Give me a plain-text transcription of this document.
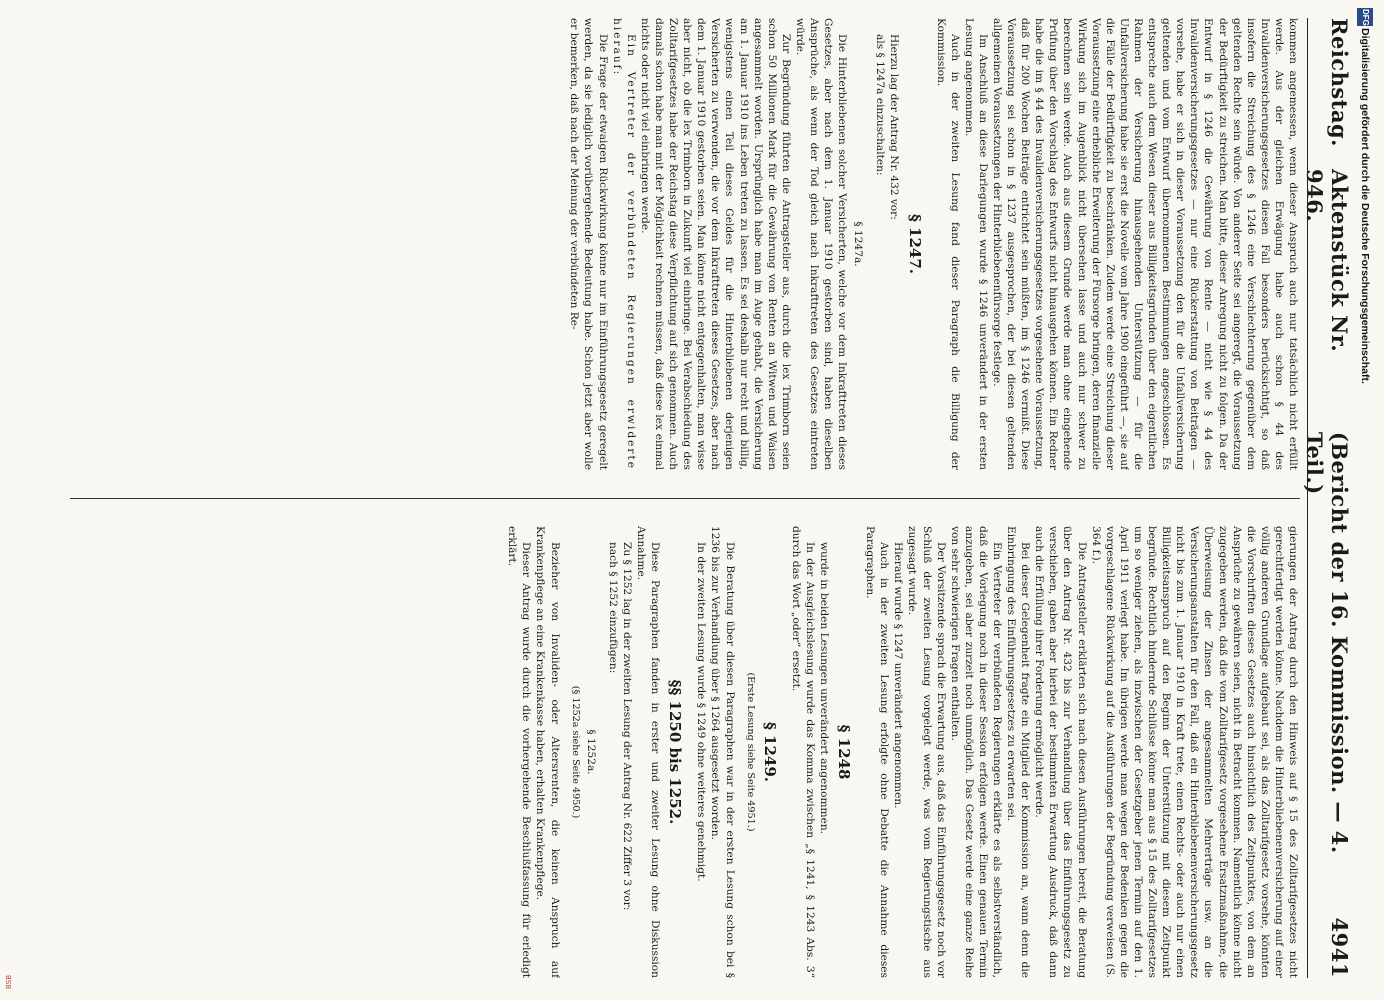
Reichstag.
Aktenstück Nr. 946.
(Bericht der 16. Kommission. — 4. Teil.)
4941

kommen angemessen, wenn dieser Anspruch auch nur tatsächlich nicht erfüllt werde. Aus der gleichen Erwägung habe auch schon § 44 des Invalidenversicherungsgesetzes diesen Fall besonders berücksichtigt, so daß insofern die Streichung des § 1246 eine Verschlechterung gegenüber dem geltenden Rechte sein würde. Von anderer Seite sei angeregt, die Voraussetzung der Bedürftigkeit zu streichen. Man bitte, dieser Anregung nicht zu folgen. Da der Entwurf in § 1246 die Gewährung von Rente — nicht wie § 44 des Invalidenversicherungsgesetzes — nur eine Rückerstattung von Beiträgen — vorsehe, habe er sich in dieser Voraussetzung den für die Unfallversicherung geltenden und vom Entwurf übernommenen Bestimmungen angeschlossen. Es entspreche auch dem Wesen dieser aus Billigkeitsgründen über den eigentlichen Rahmen der Versicherung hinausgehenden Unterstützung — für die Unfallversicherung habe sie erst die Novelle vom Jahre 1900 eingeführt —, sie auf die Fälle der Bedürftigkeit zu beschränken. Zudem werde eine Streichung dieser Voraussetzung eine erhebliche Erweiterung der Fürsorge bringen, deren finanzielle Wirkung sich im Augenblick nicht übersehen lasse und auch nur schwer zu berechnen sein werde. Auch aus diesem Grunde werde man ohne eingehende Prüfung über den Vorschlag des Entwurfs nicht hinausgehen können. Ein Redner habe die im § 44 des Invalidenversicherungsgesetzes vorgesehene Voraussetzung, daß für 200 Wochen Beiträge entrichtet sein müßten, im § 1246 vermißt. Diese Voraussetzung sei schon in § 1237 ausgesprochen, der bei diesen geltenden allgemeinen Voraussetzungen der Hinterbliebenenfürsorge festlege.

Im Anschluß an diese Darlegungen wurde § 1246 unverändert in der ersten Lesung angenommen.

Auch in der zweiten Lesung fand dieser Paragraph die Billigung der Kommission.

§ 1247.

Hierzu lag der Antrag Nr. 432 vor:

als § 1247a einzuschalten:

§ 1247a.

Die Hinterbliebenen solcher Versicherten, welche vor dem Inkrafttreten dieses Gesetzes, aber nach dem 1. Januar 1910 gestorben sind, haben dieselben Ansprüche, als wenn der Tod gleich nach Inkrafttreten des Gesetzes eintreten würde.

Zur Begründung führten die Antragsteller aus, durch die lex Trimborn seien schon 50 Millionen Mark für die Gewährung von Renten an Witwen und Waisen angesammelt worden. Ursprünglich habe man im Auge gehabt, die Versicherung am 1. Januar 1910 ins Leben treten zu lassen. Es sei deshalb nur recht und billig, wenigstens einen Teil dieses Geldes für die Hinterbliebenen derjenigen Versicherten zu verwenden, die vor dem Inkrafttreten dieses Gesetzes, aber nach dem 1. Januar 1910 gestorben seien. Man könne nicht entgegenhalten, man wisse aber nicht, ob die lex Trimborn in Zukunft viel einbringe. Bei Verabschiedung des Zolltarifgesetzes habe der Reichstag diese Verpflichtung auf sich genommen. Auch damals schon habe man mit der Möglichkeit rechnen müssen, daß diese lex einmal nichts oder nicht viel einbringen werde.

Ein Vertreter der verbündeten Regierungen erwiderte hierauf:

Die Frage der etwaigen Rückwirkung könne nur im Einführungsgesetz geregelt werden, da sie lediglich vorübergehende Bedeutung habe. Schon jetzt aber wolle er bemerken, daß nach der Meinung der verbündeten Re-

gierungen der Antrag durch den Hinweis auf § 15 des Zolltarifgesetzes nicht gerechtfertigt werden könne. Nachdem die Hinterbliebenenversicherung auf einer völlig anderen Grundlage aufgebaut sei, als das Zolltarifgesetz vorsehe, könnten die Vorschriften dieses Gesetzes auch hinsichtlich des Zeitpunktes, von dem an Ansprüche zu gewähren seien, nicht in Betracht kommen. Namentlich könne nicht zugegeben werden, daß die vom Zolltarifgesetz vorgesehene Ersatzmaßnahme, die Überweisung der Zinsen der angesammelten Mehrerträge usw. an die Versicherungsanstalten für den Fall, daß ein Hinterbliebenenversicherungsgesetz nicht bis zum 1. Januar 1910 in Kraft trete, einen Rechts- oder auch nur einen Billigkeitsanspruch auf den Beginn der Unterstützung mit diesem Zeitpunkt begründe. Rechtlich hindernde Schlüsse könne man aus § 15 des Zolltarifgesetzes um so weniger ziehen, als inzwischen der Gesetzgeber jenen Termin auf den 1. April 1911 verlegt habe. Im übrigen werde man wegen der Bedenken gegen die vorgeschlagene Rückwirkung auf die Ausführungen der Begründung verweisen (S. 364 f.).

Die Antragsteller erklärten sich nach diesen Ausführungen bereit, die Beratung über den Antrag Nr. 432 bis zur Verhandlung über das Einführungsgesetz zu verschieben, gaben aber hierbei der bestimmten Erwartung Ausdruck, daß dann auch die Erfüllung ihrer Forderung ermöglicht werde.

Bei dieser Gelegenheit fragte ein Mitglied der Kommission an, wann denn die Einbringung des Einführungsgesetzes zu erwarten sei.

Ein Vertreter der verbündeten Regierungen erklärte es als selbstverständlich, daß die Vorlegung noch in dieser Session erfolgen werde. Einen genauen Termin anzugeben, sei aber zurzeit noch unmöglich. Das Gesetz werde eine ganze Reihe von sehr schwierigen Fragen enthalten.

Der Vorsitzende sprach die Erwartung aus, daß das Einführungsgesetz noch vor Schluß der zweiten Lesung vorgelegt werde, was vom Regierungstische aus zugesagt wurde.

Hierauf wurde § 1247 unverändert angenommen.

Auch in der zweiten Lesung erfolgte ohne Debatte die Annahme dieses Paragraphen.

§ 1248

wurde in beiden Lesungen unverändert angenommen.

In der Ausgleichslesung wurde das Komma zwischen „§ 1241, § 1243 Abs. 3“ durch das Wort „oder“ ersetzt.

§ 1249.
(Erste Lesung siehe Seite 4951.)

Die Beratung über diesen Paragraphen war in der ersten Lesung schon bei § 1236 bis zur Verhandlung über § 1264 ausgesetzt worden.

In der zweiten Lesung wurde § 1249 ohne weiteres genehmigt.

§§ 1250 bis 1252.

Diese Paragraphen fanden in erster und zweiter Lesung ohne Diskussion Annahme.

Zu § 1252 lag in der zweiten Lesung der Antrag Nr. 622 Ziffer 3 vor:

nach § 1252 einzufügen:

§ 1252a.
(§ 1252a siehe Seite 4950.)

Bezieher von Invaliden- oder Altersrenten, die keinen Anspruch auf Krankenpflege an eine Krankenkasse haben, erhalten Krankenpflege.

Dieser Antrag wurde durch die vorhergehende Beschlußfassung für erledigt erklärt.

DFG
Digitalisierung gefördert durch die Deutsche Forschungsgemeinschaft.
BSB
